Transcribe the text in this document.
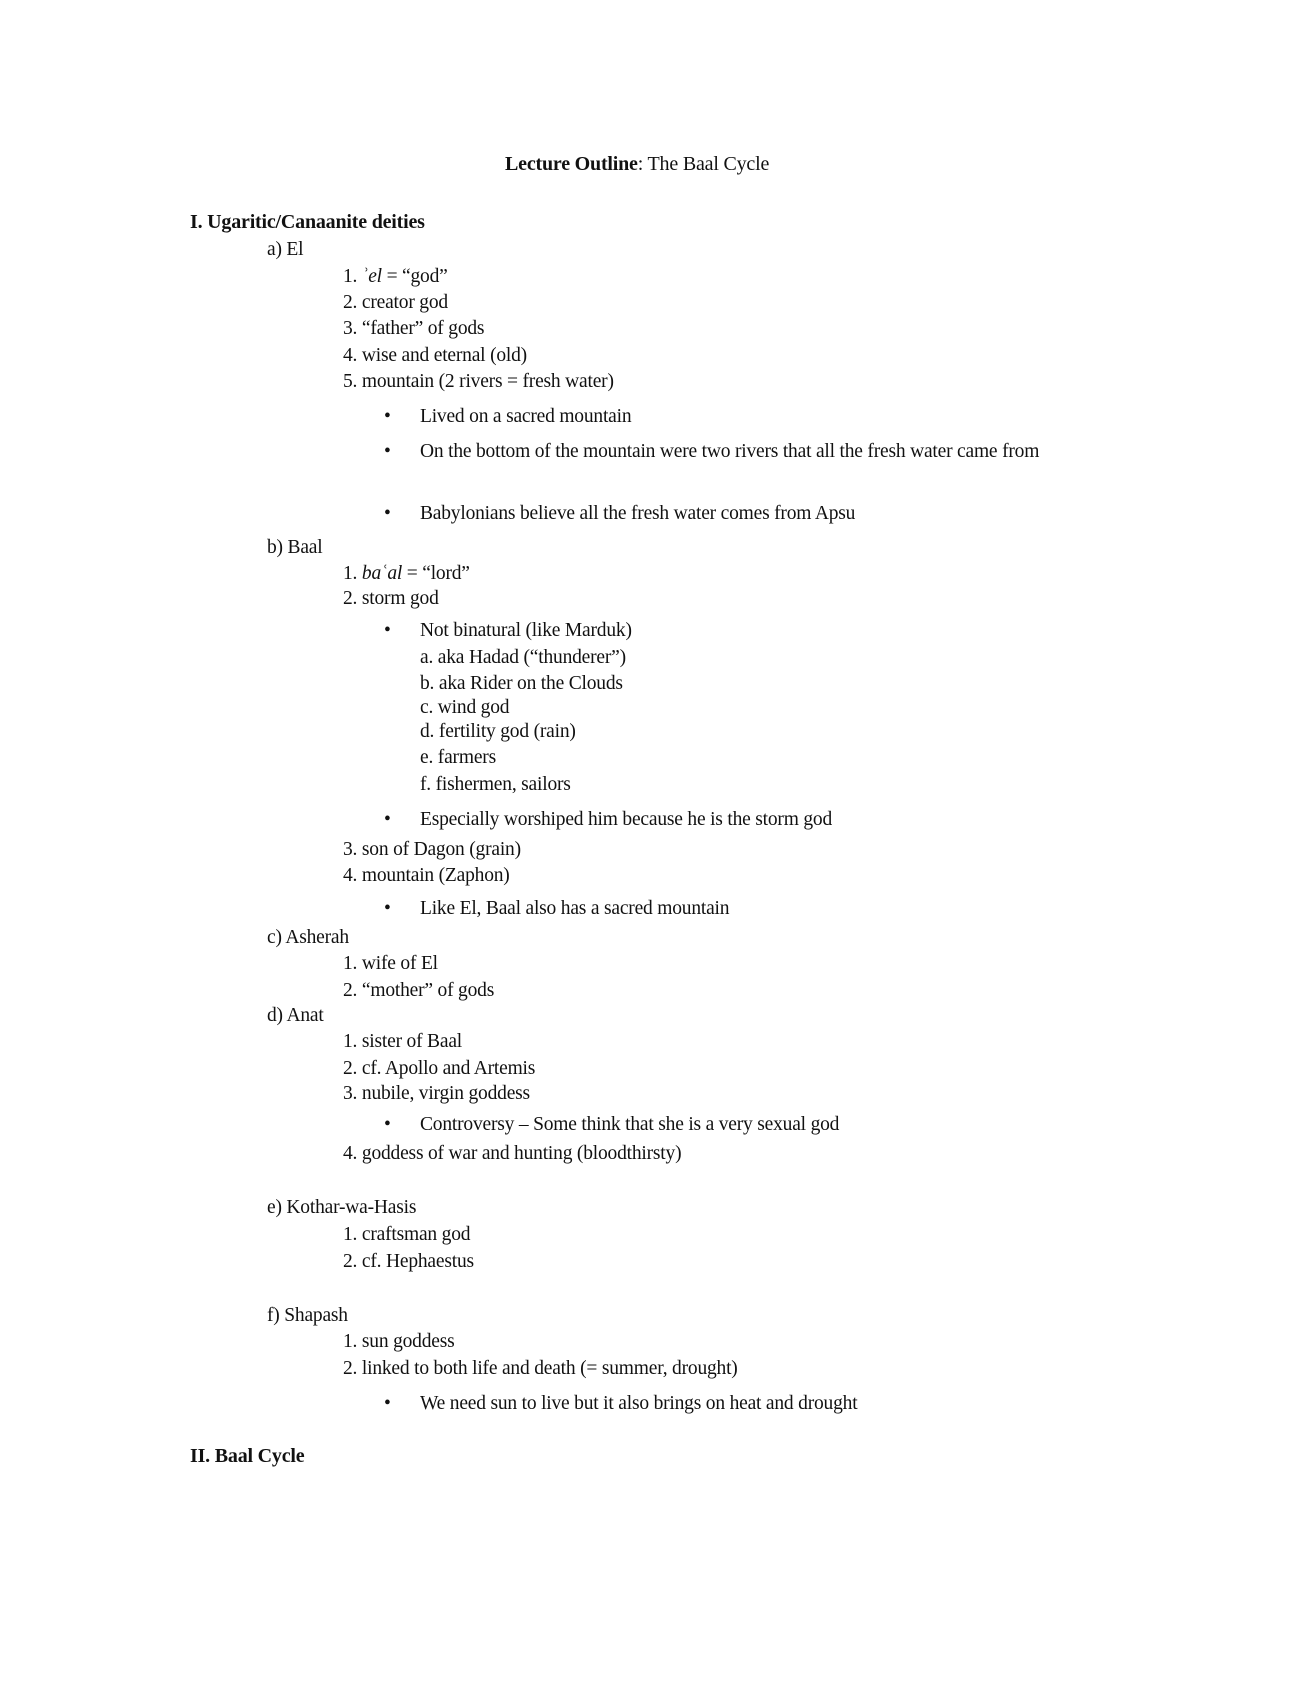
Lecture Outline: The Baal Cycle
I. Ugaritic/Canaanite deities
a) El
1. ʾel = “god”
2. creator god
3. “father” of gods
4. wise and eternal (old)
5. mountain (2 rivers = fresh water)
• Lived on a sacred mountain
• On the bottom of the mountain were two rivers that all the fresh water came from
• Babylonians believe all the fresh water comes from Apsu
b) Baal
1. baʿal = “lord”
2. storm god
• Not binatural (like Marduk)
a. aka Hadad (“thunderer”)
b. aka Rider on the Clouds
c. wind god
d. fertility god (rain)
e. farmers
f. fishermen, sailors
• Especially worshiped him because he is the storm god
3. son of Dagon (grain)
4. mountain (Zaphon)
• Like El, Baal also has a sacred mountain
c) Asherah
1. wife of El
2. “mother” of gods
d) Anat
1. sister of Baal
2. cf. Apollo and Artemis
3. nubile, virgin goddess
• Controversy – Some think that she is a very sexual god
4. goddess of war and hunting (bloodthirsty)
e) Kothar-wa-Hasis
1. craftsman god
2. cf. Hephaestus
f) Shapash
1. sun goddess
2. linked to both life and death (= summer, drought)
• We need sun to live but it also brings on heat and drought
II. Baal Cycle
